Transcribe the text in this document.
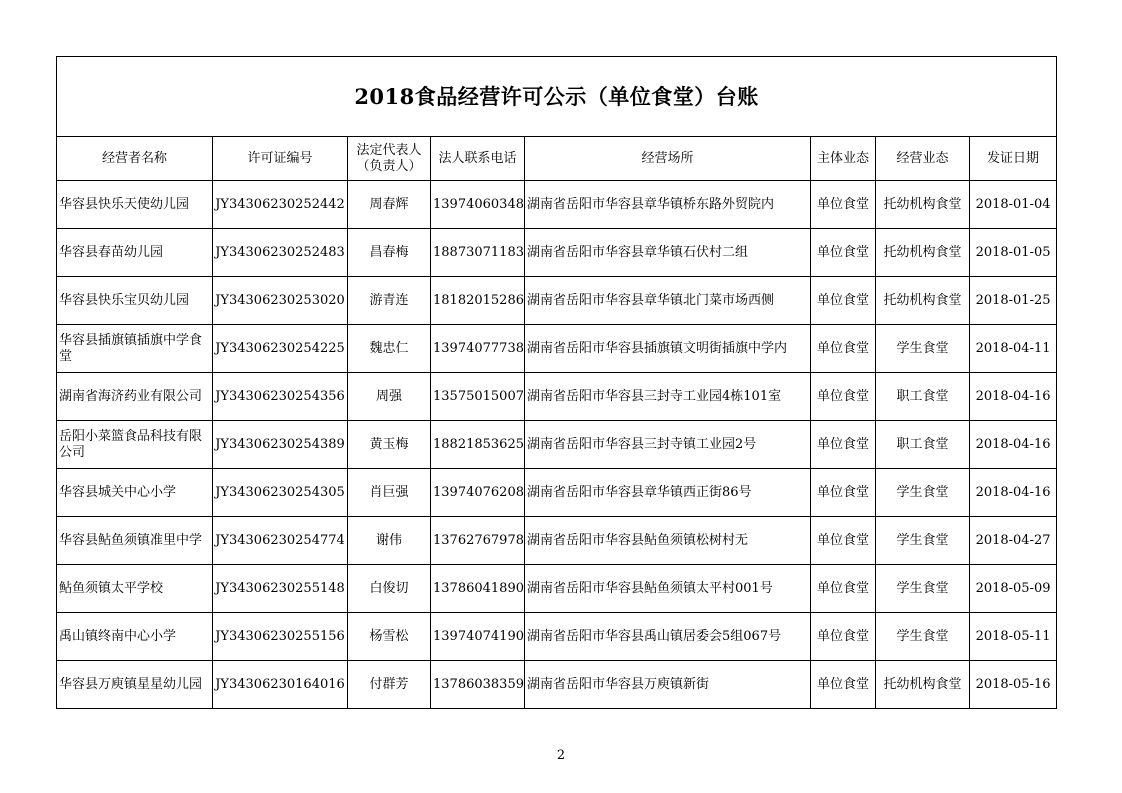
2018食品经营许可公示（单位食堂）台账							
经营者名称	许可证编号	法定代表人（负责人）	法人联系电话	经营场所	主体业态	经营业态	发证日期
华容县快乐天使幼儿园	JY34306230252442	周春辉	13974060348	湖南省岳阳市华容县章华镇桥东路外贸院内	单位食堂	托幼机构食堂	2018-01-04
华容县春苗幼儿园	JY34306230252483	昌春梅	18873071183	湖南省岳阳市华容县章华镇石伏村二组	单位食堂	托幼机构食堂	2018-01-05
华容县快乐宝贝幼儿园	JY34306230253020	游青连	18182015286	湖南省岳阳市华容县章华镇北门菜市场西侧	单位食堂	托幼机构食堂	2018-01-25
华容县插旗镇插旗中学食堂	JY34306230254225	魏忠仁	13974077738	湖南省岳阳市华容县插旗镇文明街插旗中学内	单位食堂	学生食堂	2018-04-11
湖南省海济药业有限公司	JY34306230254356	周强	13575015007	湖南省岳阳市华容县三封寺工业园4栋101室	单位食堂	职工食堂	2018-04-16
岳阳小菜篮食品科技有限公司	JY34306230254389	黄玉梅	18821853625	湖南省岳阳市华容县三封寺镇工业园2号	单位食堂	职工食堂	2018-04-16
华容县城关中心小学	JY34306230254305	肖巨强	13974076208	湖南省岳阳市华容县章华镇西正街86号	单位食堂	学生食堂	2018-04-16
华容县鲇鱼须镇准里中学	JY34306230254774	谢伟	13762767978	湖南省岳阳市华容县鲇鱼须镇松树村无	单位食堂	学生食堂	2018-04-27
鲇鱼须镇太平学校	JY34306230255148	白俊切	13786041890	湖南省岳阳市华容县鲇鱼须镇太平村001号	单位食堂	学生食堂	2018-05-09
禹山镇终南中心小学	JY34306230255156	杨雪松	13974074190	湖南省岳阳市华容县禹山镇居委会5组067号	单位食堂	学生食堂	2018-05-11
华容县万庾镇星星幼儿园	JY34306230164016	付群芳	13786038359	湖南省岳阳市华容县万庾镇新街	单位食堂	托幼机构食堂	2018-05-16
2
